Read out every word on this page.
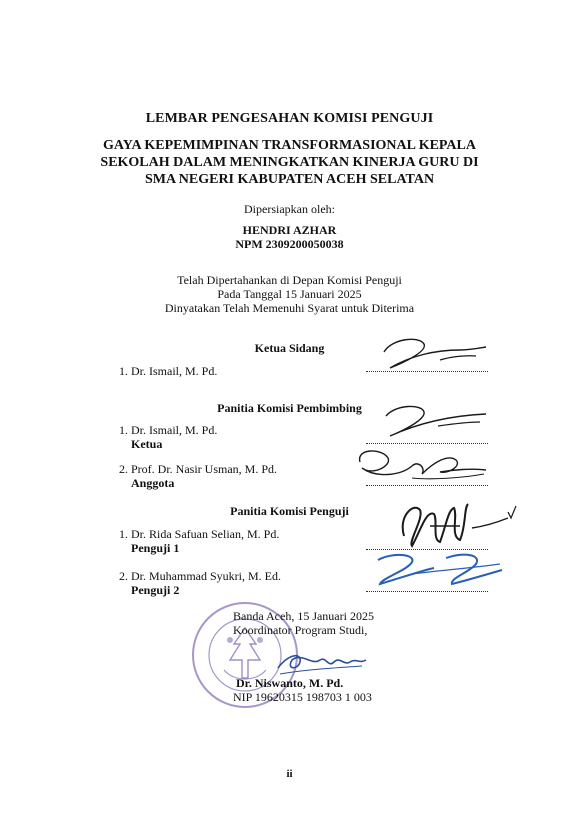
LEMBAR PENGESAHAN KOMISI PENGUJI
GAYA KEPEMIMPINAN TRANSFORMASIONAL KEPALA
SEKOLAH DALAM MENINGKATKAN KINERJA GURU DI
SMA NEGERI KABUPATEN ACEH SELATAN
Dipersiapkan oleh:
HENDRI AZHAR
NPM 2309200050038
Telah Dipertahankan di Depan Komisi Penguji
Pada Tanggal 15 Januari 2025
Dinyatakan Telah Memenuhi Syarat untuk Diterima
Ketua Sidang
1. Dr. Ismail, M. Pd.
Panitia Komisi Pembimbing
1. Dr. Ismail, M. Pd.
Ketua
2. Prof. Dr. Nasir Usman, M. Pd.
Anggota
Panitia Komisi Penguji
1. Dr. Rida Safuan Selian, M. Pd.
Penguji 1
2. Dr. Muhammad Syukri, M. Ed.
Penguji 2
Banda Aceh, 15 Januari 2025
Koordinator Program Studi,
Dr. Niswanto, M. Pd.
NIP 19620315 198703 1 003
ii
